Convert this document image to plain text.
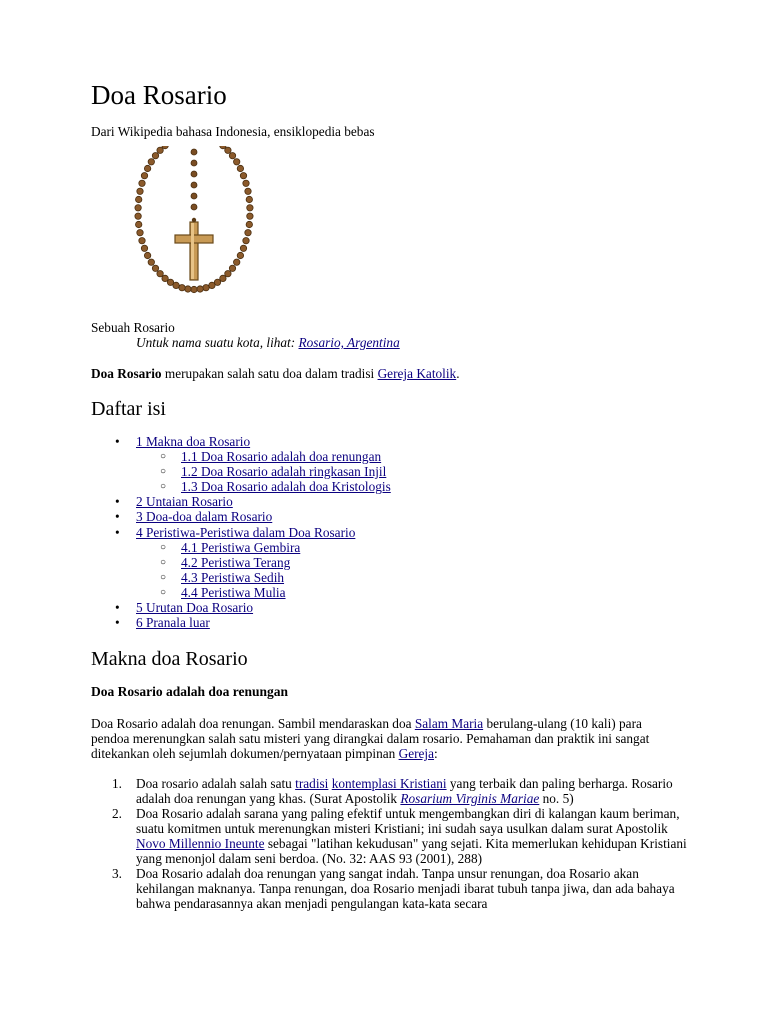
Doa Rosario
Dari Wikipedia bahasa Indonesia, ensiklopedia bebas
Sebuah Rosario
Untuk nama suatu kota, lihat: Rosario, Argentina
Doa Rosario merupakan salah satu doa dalam tradisi Gereja Katolik.
Daftar isi
• 1 Makna doa Rosario
○ 1.1 Doa Rosario adalah doa renungan
○ 1.2 Doa Rosario adalah ringkasan Injil
○ 1.3 Doa Rosario adalah doa Kristologis
• 2 Untaian Rosario
• 3 Doa-doa dalam Rosario
• 4 Peristiwa-Peristiwa dalam Doa Rosario
○ 4.1 Peristiwa Gembira
○ 4.2 Peristiwa Terang
○ 4.3 Peristiwa Sedih
○ 4.4 Peristiwa Mulia
• 5 Urutan Doa Rosario
• 6 Pranala luar
Makna doa Rosario
Doa Rosario adalah doa renungan
Doa Rosario adalah doa renungan. Sambil mendaraskan doa Salam Maria berulang-ulang (10 kali) para pendoa merenungkan salah satu misteri yang dirangkai dalam rosario. Pemahaman dan praktik ini sangat ditekankan oleh sejumlah dokumen/pernyataan pimpinan Gereja:
1. Doa rosario adalah salah satu tradisi kontemplasi Kristiani yang terbaik dan paling berharga. Rosario adalah doa renungan yang khas. (Surat Apostolik Rosarium Virginis Mariae no. 5)
2. Doa Rosario adalah sarana yang paling efektif untuk mengembangkan diri di kalangan kaum beriman, suatu komitmen untuk merenungkan misteri Kristiani; ini sudah saya usulkan dalam surat Apostolik Novo Millennio Ineunte sebagai "latihan kekudusan" yang sejati. Kita memerlukan kehidupan Kristiani yang menonjol dalam seni berdoa. (No. 32: AAS 93 (2001), 288)
3. Doa Rosario adalah doa renungan yang sangat indah. Tanpa unsur renungan, doa Rosario akan kehilangan maknanya. Tanpa renungan, doa Rosario menjadi ibarat tubuh tanpa jiwa, dan ada bahaya bahwa pendarasannya akan menjadi pengulangan kata-kata secara
